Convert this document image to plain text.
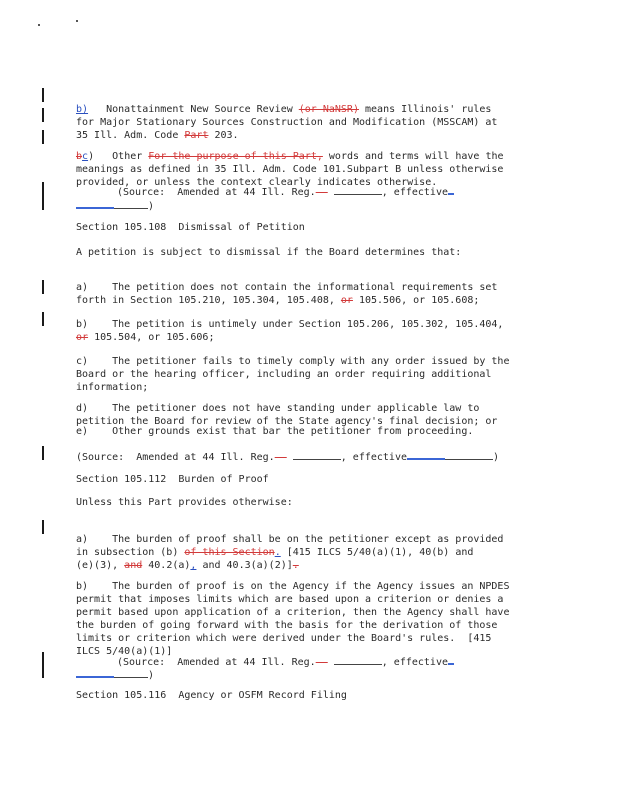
b)   Nonattainment New Source Review (or NaNSR) means Illinois' rules
for Major Stationary Sources Construction and Modification (MSSCAM) at
35 Ill. Adm. Code Part 203.

bc)   Other For the purpose of this Part, words and terms will have the
meanings as defined in 35 Ill. Adm. Code 101.Subpart B unless otherwise
provided, or unless the context clearly indicates otherwise.
(Source:  Amended at 44 Ill. Reg.	, effective
)
Section 105.108  Dismissal of Petition
A petition is subject to dismissal if the Board determines that:

a)    The petition does not contain the informational requirements set
forth in Section 105.210, 105.304, 105.408, or 105.506, or 105.608;

b)    The petition is untimely under Section 105.206, 105.302, 105.404,
or 105.504, or 105.606;

c)    The petitioner fails to timely comply with any order issued by the
Board or the hearing officer, including an order requiring additional
information;

d)    The petitioner does not have standing under applicable law to
petition the Board for review of the State agency's final decision; or
e)    Other grounds exist that bar the petitioner from proceeding.
(Source:  Amended at 44 Ill. Reg.	, effective	)
Section 105.112  Burden of Proof
Unless this Part provides otherwise:

a)    The burden of proof shall be on the petitioner except as provided
in subsection (b) of this Section. [415 ILCS 5/40(a)(1), 40(b) and
(e)(3), and 40.2(a), and 40.3(a)(2)].

b)    The burden of proof is on the Agency if the Agency issues an NPDES
permit that imposes limits which are based upon a criterion or denies a
permit based upon application of a criterion, then the Agency shall have
the burden of going forward with the basis for the derivation of those
limits or criterion which were derived under the Board's rules.  [415
ILCS 5/40(a)(1)]
(Source:  Amended at 44 Ill. Reg.	, effective
)
Section 105.116  Agency or OSFM Record Filing
